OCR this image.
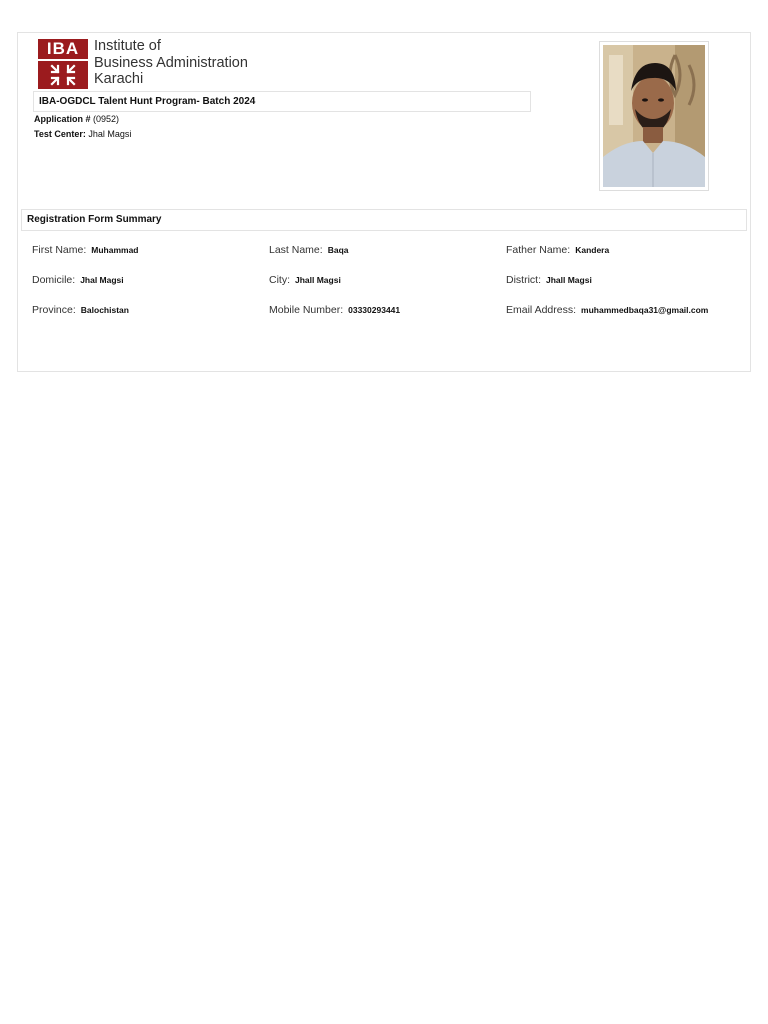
IBA	Institute of
Business Administration
Karachi
IBA-OGDCL Talent Hunt Program- Batch 2024
Application # (0952)
Test Center: Jhal Magsi
Registration Form Summary
First Name: Muhammad	Last Name: Baqa	Father Name: Kandera
Domicile: Jhal Magsi	City: Jhall Magsi	District: Jhall Magsi
Province: Balochistan	Mobile Number: 03330293441	Email Address: muhammedbaqa31@gmail.com
